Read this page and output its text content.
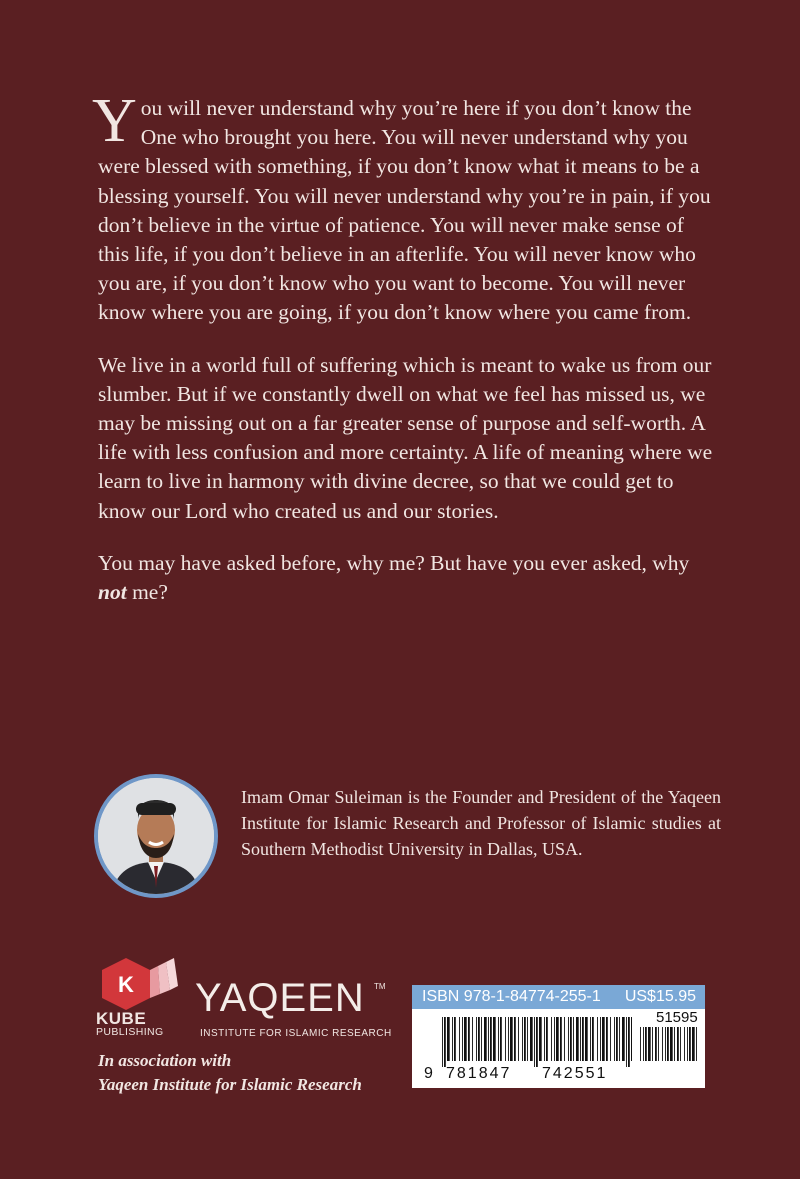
You will never understand why you’re here if you don’t know the One who brought you here. You will never understand why you were blessed with something, if you don’t know what it means to be a blessing yourself. You will never understand why you’re in pain, if you don’t believe in the virtue of patience. You will never make sense of this life, if you don’t believe in an afterlife. You will never know who you are, if you don’t know who you want to become. You will never know where you are going, if you don’t know where you came from.

We live in a world full of suffering which is meant to wake us from our slumber. But if we constantly dwell on what we feel has missed us, we may be missing out on a far greater sense of purpose and self-worth. A life with less confusion and more certainty. A life of meaning where we learn to live in harmony with divine decree, so that we could get to know our Lord who created us and our stories.

You may have asked before, why me? But have you ever asked, why not me?

Imam Omar Suleiman is the Founder and President of the Yaqeen Institute for Islamic Research and Professor of Islamic studies at Southern Methodist University in Dallas, USA.
K
KUBE
PUBLISHING
YAQEEN TM
INSTITUTE FOR ISLAMIC RESEARCH
In association with
Yaqeen Institute for Islamic Research
ISBN 978-1-84774-255-1 US$15.95
51595
9 781847 742551
